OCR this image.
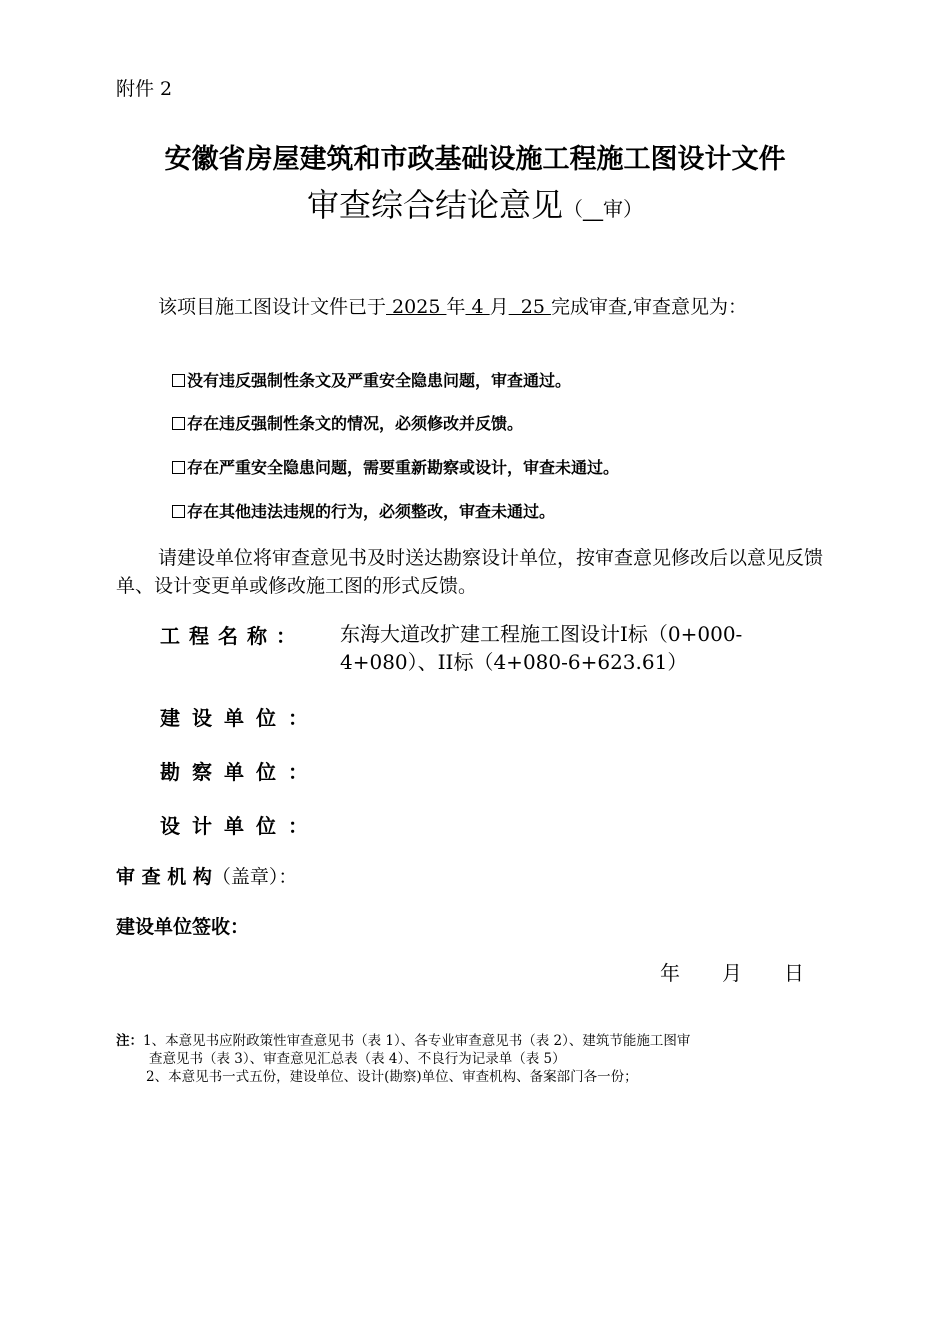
附件 2
安徽省房屋建筑和市政基础设施工程施工图设计文件
审查综合结论意见（__审）
该项目施工图设计文件已于 2025 年 4 月  25 完成审查,审查意见为：
没有违反强制性条文及严重安全隐患问题，审查通过。
存在违反强制性条文的情况，必须修改并反馈。
存在严重安全隐患问题，需要重新勘察或设计，审查未通过。
存在其他违法违规的行为，必须整改，审查未通过。
请建设单位将审查意见书及时送达勘察设计单位，按审查意见修改后以意见反馈单、设计变更单或修改施工图的形式反馈。
工程名称： 东海大道改扩建工程施工图设计Ⅰ标（0+000-
4+080）、II标（4+080-6+623.61）
建设单位：
勘察单位：
设计单位：
审 查 机 构（盖章）：
建设单位签收：
年 月 日
注：1、本意见书应附政策性审查意见书（表 1）、各专业审查意见书（表 2）、建筑节能施工图审
查意见书（表 3）、审查意见汇总表（表 4）、不良行为记录单（表 5）
2、本意见书一式五份，建设单位、设计(勘察)单位、审查机构、备案部门各一份；
